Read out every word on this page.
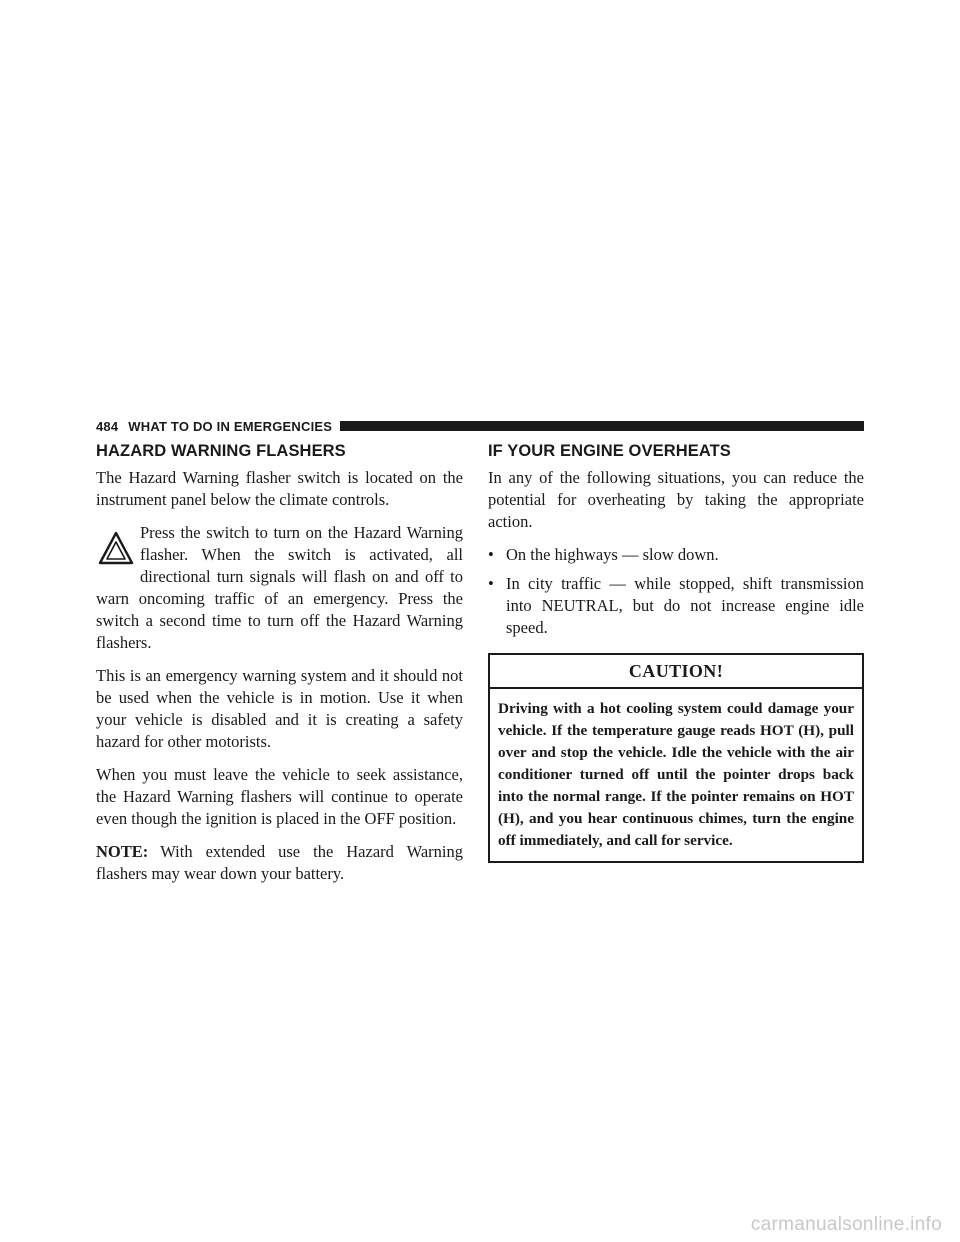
484 WHAT TO DO IN EMERGENCIES
HAZARD WARNING FLASHERS

The Hazard Warning flasher switch is located on the instrument panel below the climate controls.

Press the switch to turn on the Hazard Warning flasher. When the switch is activated, all directional turn signals will flash on and off to warn oncoming traffic of an emergency. Press the switch a second time to turn off the Hazard Warning flashers.

This is an emergency warning system and it should not be used when the vehicle is in motion. Use it when your vehicle is disabled and it is creating a safety hazard for other motorists.

When you must leave the vehicle to seek assistance, the Hazard Warning flashers will continue to operate even though the ignition is placed in the OFF position.

NOTE: With extended use the Hazard Warning flashers may wear down your battery.

IF YOUR ENGINE OVERHEATS

In any of the following situations, you can reduce the potential for overheating by taking the appropriate action.

• On the highways — slow down.
• In city traffic — while stopped, shift transmission into NEUTRAL, but do not increase engine idle speed.
CAUTION!
Driving with a hot cooling system could damage your vehicle. If the temperature gauge reads HOT (H), pull over and stop the vehicle. Idle the vehicle with the air conditioner turned off until the pointer drops back into the normal range. If the pointer remains on HOT (H), and you hear continuous chimes, turn the engine off immediately, and call for service.
carmanualsonline.info
